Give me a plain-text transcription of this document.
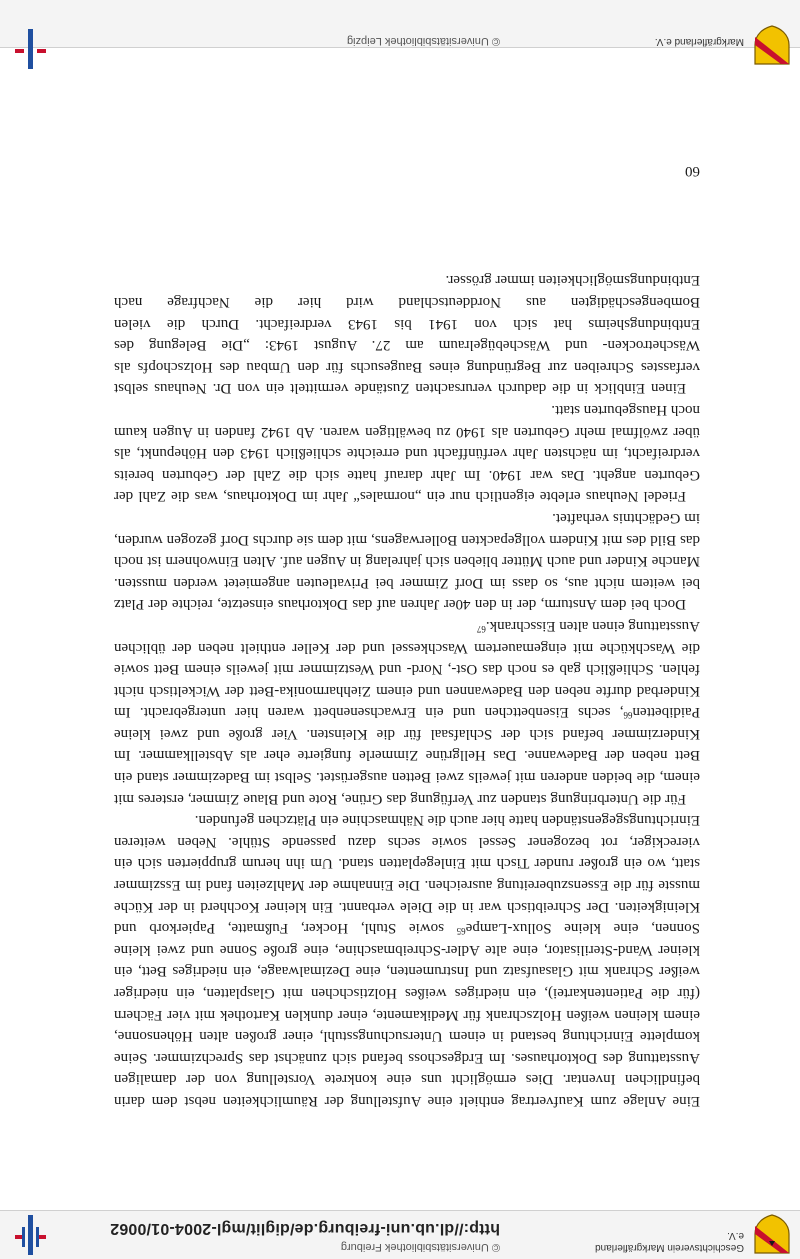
Geschichtsverein Markgräflerland e.V.
© Universitätsbibliothek Freiburg
http://dl.ub.uni-freiburg.de/diglit/mgl-2004-01/0062

Eine Anlage zum Kaufvertrag enthielt eine Aufstellung der Räumlichkeiten nebst dem darin befindlichen Inventar. Dies ermöglicht uns eine konkrete Vorstellung von der damaligen Ausstattung des Doktorhauses. Im Erdgeschoss befand sich zunächst das Sprechzimmer. Seine komplette Einrichtung bestand in einem Untersuchungsstuhl, einer großen alten Höhensonne, einem kleinen weißen Holzschrank für Medikamente, einer dunklen Kartothek mit vier Fächern (für die Patientenkartei), ein niedriges weißes Holztischchen mit Glasplatten, ein niedriger weißer Schrank mit Glasaufsatz und Instrumenten, eine Dezimalwaage, ein niedriges Bett, ein kleiner Wand-Sterilisator, eine alte Adler-Schreibmaschine, eine große Sonne und zwei kleine Sonnen, eine kleine Sollux-Lampe$^{65}$ sowie Stuhl, Hocker, Fußmatte, Papierkorb und Kleinigkeiten. Der Schreibtisch war in die Diele verbannt. Ein kleiner Kochherd in der Küche musste für die Essenszubereitung ausreichen. Die Einnahme der Mahlzeiten fand im Esszimmer statt, wo ein großer runder Tisch mit Einlegeplatten stand. Um ihn herum gruppierten sich ein viereckiger, rot bezogener Sessel sowie sechs dazu passende Stühle. Neben weiteren Einrichtungsgegenständen hatte hier auch die Nähmaschine ein Plätzchen gefunden.

Für die Unterbringung standen zur Verfügung das Grüne, Rote und Blaue Zimmer, ersteres mit einem, die beiden anderen mit jeweils zwei Betten ausgerüstet. Selbst im Badezimmer stand ein Bett neben der Badewanne. Das Hellgrüne Zimmerle fungierte eher als Abstellkammer. Im Kinderzimmer befand sich der Schlafsaal für die Kleinsten. Vier große und zwei kleine Paidibetten$^{66}$, sechs Eisenbettchen und ein Erwachsenenbett waren hier untergebracht. Im Kinderbad durfte neben den Badewannen und einem Ziehharmonika-Bett der Wickeltisch nicht fehlen. Schließlich gab es noch das Ost-, Nord- und Westzimmer mit jeweils einem Bett sowie die Waschküche mit eingemauertem Waschkessel und der Keller enthielt neben der üblichen Ausstattung einen alten Eisschrank.$^{67}$

Doch bei dem Ansturm, der in den 40er Jahren auf das Doktorhaus einsetzte, reichte der Platz bei weitem nicht aus, so dass im Dorf Zimmer bei Privatleuten angemietet werden mussten. Manche Kinder und auch Mütter blieben sich jahrelang in Augen auf. Alten Einwohnern ist noch das Bild des mit Kindern vollgepackten Bollerwagens, mit dem sie durchs Dorf gezogen wurden, im Gedächtnis verhaftet.

Friedel Neuhaus erlebte eigentlich nur ein „normales“ Jahr im Doktorhaus, was die Zahl der Geburten angeht. Das war 1940. Im Jahr darauf hatte sich die Zahl der Geburten bereits verdreifacht, im nächsten Jahr verfünffacht und erreichte schließlich 1943 den Höhepunkt, als über zwölfmal mehr Geburten als 1940 zu bewältigen waren. Ab 1942 fanden in Augen kaum noch Hausgeburten statt.

Einen Einblick in die dadurch verursachten Zustände vermittelt ein von Dr. Neuhaus selbst verfasstes Schreiben zur Begründung eines Baugesuchs für den Umbau des Holzschopfs als Wäschetrocken- und Wäschebügelraum am 27. August 1943: „Die Belegung des Entbindungsheims hat sich von 1941 bis 1943 verdreifacht. Durch die vielen Bombengeschädigten aus Norddeutschland wird hier die Nachfrage nach Entbindungsmöglichkeiten immer grösser.

60
Markgräflerland e.V.
© Universitätsbibliothek Leipzig
